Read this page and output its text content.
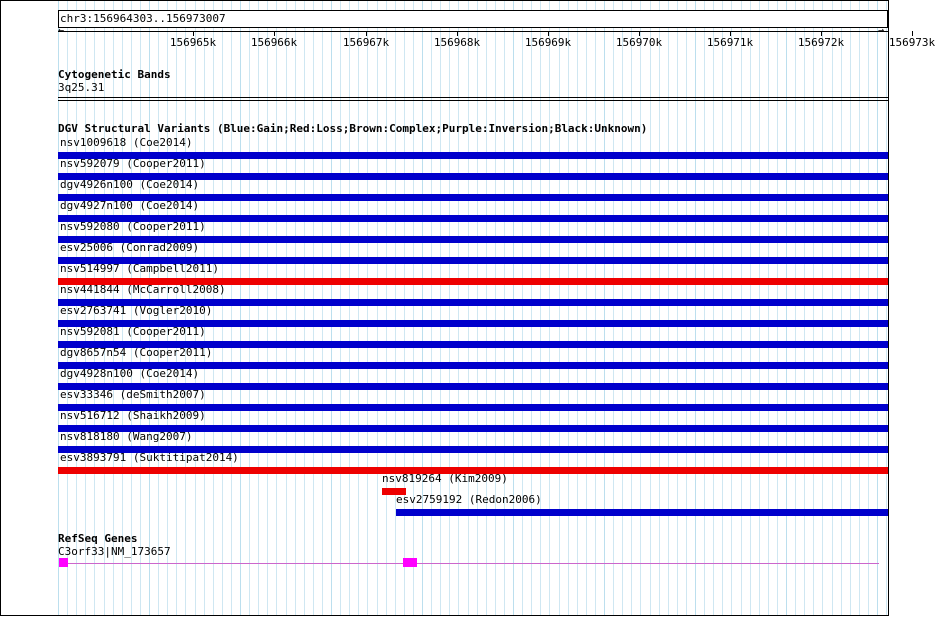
chr3:156964303..156973007
←	→
156965k	156966k	156967k	156968k	156969k	156970k	156971k	156972k	156973k
Cytogenetic Bands
3q25.31
DGV Structural Variants (Blue:Gain;Red:Loss;Brown:Complex;Purple:Inversion;Black:Unknown)
nsv1009618 (Coe2014)
nsv592079 (Cooper2011)
dgv4926n100 (Coe2014)
dgv4927n100 (Coe2014)
nsv592080 (Cooper2011)
esv25006 (Conrad2009)
nsv514997 (Campbell2011)
nsv441844 (McCarroll2008)
esv2763741 (Vogler2010)
nsv592081 (Cooper2011)
dgv8657n54 (Cooper2011)
dgv4928n100 (Coe2014)
esv33346 (deSmith2007)
nsv516712 (Shaikh2009)
nsv818180 (Wang2007)
esv3893791 (Suktitipat2014)
nsv819264 (Kim2009)
esv2759192 (Redon2006)
RefSeq Genes
C3orf33|NM_173657
